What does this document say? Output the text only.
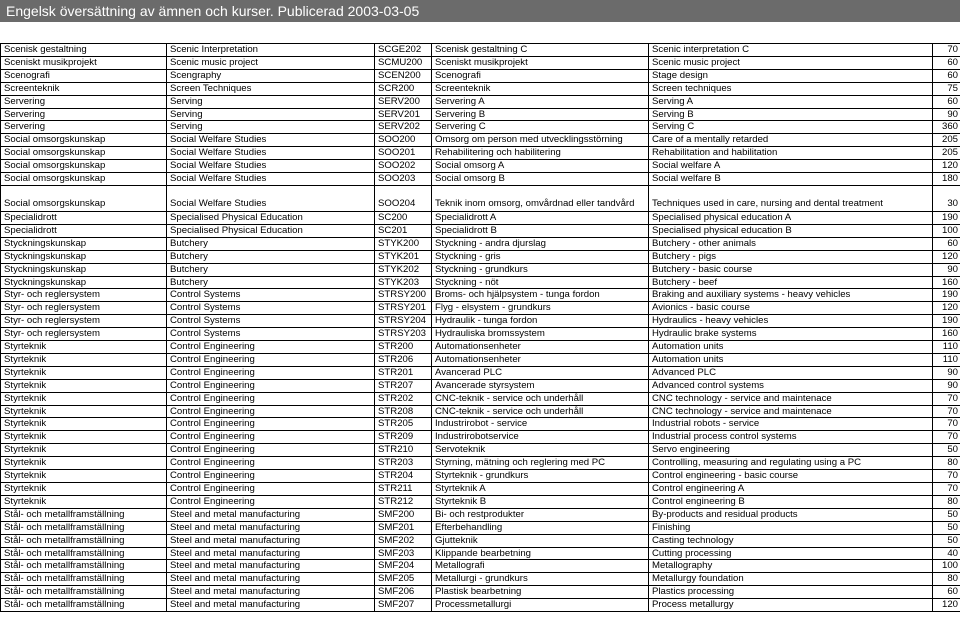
Engelsk översättning av ämnen och kurser. Publicerad 2003-03-05
Scenisk gestaltning	Scenic Interpretation	SCGE202	Scenisk gestaltning C	Scenic interpretation C	70
Sceniskt musikprojekt	Scenic music project	SCMU200	Sceniskt musikprojekt	Scenic music project	60
Scenografi	Scengraphy	SCEN200	Scenografi	Stage design	60
Screenteknik	Screen Techniques	SCR200	Screenteknik	Screen techniques	75
Servering	Serving	SERV200	Servering A	Serving A	60
Servering	Serving	SERV201	Servering B	Serving B	90
Servering	Serving	SERV202	Servering C	Serving C	360
Social omsorgskunskap	Social Welfare Studies	SOO200	Omsorg om person med utvecklingsstörning	Care of a mentally retarded	205
Social omsorgskunskap	Social Welfare Studies	SOO201	Rehabilitering och habilitering	Rehabilitation and habilitation	205
Social omsorgskunskap	Social Welfare Studies	SOO202	Social omsorg A	Social welfare A	120
Social omsorgskunskap	Social Welfare Studies	SOO203	Social omsorg B	Social welfare B	180
Social omsorgskunskap	Social Welfare Studies	SOO204	Teknik inom omsorg, omvårdnad eller tandvård	Techniques used in care, nursing and dental treatment	30
Specialidrott	Specialised Physical Education	SC200	Specialidrott A	Specialised physical education A	190
Specialidrott	Specialised Physical Education	SC201	Specialidrott B	Specialised physical education B	100
Styckningskunskap	Butchery	STYK200	Styckning - andra djurslag	Butchery - other animals	60
Styckningskunskap	Butchery	STYK201	Styckning - gris	Butchery - pigs	120
Styckningskunskap	Butchery	STYK202	Styckning - grundkurs	Butchery - basic course	90
Styckningskunskap	Butchery	STYK203	Styckning - nöt	Butchery - beef	160
Styr- och reglersystem	Control Systems	STRSY200	Broms- och hjälpsystem - tunga fordon	Braking and auxiliary systems - heavy vehicles	190
Styr- och reglersystem	Control Systems	STRSY201	Flyg - elsystem - grundkurs	Avionics - basic course	120
Styr- och reglersystem	Control Systems	STRSY204	Hydraulik - tunga fordon	Hydraulics - heavy vehicles	190
Styr- och reglersystem	Control Systems	STRSY203	Hydrauliska bromssystem	Hydraulic brake systems	160
Styrteknik	Control Engineering	STR200	Automationsenheter	Automation units	110
Styrteknik	Control Engineering	STR206	Automationsenheter	Automation units	110
Styrteknik	Control Engineering	STR201	Avancerad PLC	Advanced PLC	90
Styrteknik	Control Engineering	STR207	Avancerade styrsystem	Advanced control systems	90
Styrteknik	Control Engineering	STR202	CNC-teknik - service och underhåll	CNC technology - service and maintenace	70
Styrteknik	Control Engineering	STR208	CNC-teknik - service och underhåll	CNC technology - service and maintenace	70
Styrteknik	Control Engineering	STR205	Industrirobot - service	Industrial robots - service	70
Styrteknik	Control Engineering	STR209	Industrirobotservice	Industrial process control systems	70
Styrteknik	Control Engineering	STR210	Servoteknik	Servo engineering	50
Styrteknik	Control Engineering	STR203	Styrning, mätning och reglering med PC	Controlling, measuring and regulating using a PC	80
Styrteknik	Control Engineering	STR204	Styrteknik - grundkurs	Control engineering - basic course	70
Styrteknik	Control Engineering	STR211	Styrteknik A	Control engineering A	70
Styrteknik	Control Engineering	STR212	Styrteknik B	Control engineering B	80
Stål- och metallframställning	Steel and metal manufacturing	SMF200	Bi- och restprodukter	By-products and residual products	50
Stål- och metallframställning	Steel and metal manufacturing	SMF201	Efterbehandling	Finishing	50
Stål- och metallframställning	Steel and metal manufacturing	SMF202	Gjutteknik	Casting technology	50
Stål- och metallframställning	Steel and metal manufacturing	SMF203	Klippande bearbetning	Cutting processing	40
Stål- och metallframställning	Steel and metal manufacturing	SMF204	Metallografi	Metallography	100
Stål- och metallframställning	Steel and metal manufacturing	SMF205	Metallurgi - grundkurs	Metallurgy foundation	80
Stål- och metallframställning	Steel and metal manufacturing	SMF206	Plastisk bearbetning	Plastics processing	60
Stål- och metallframställning	Steel and metal manufacturing	SMF207	Processmetallurgi	Process metallurgy	120
